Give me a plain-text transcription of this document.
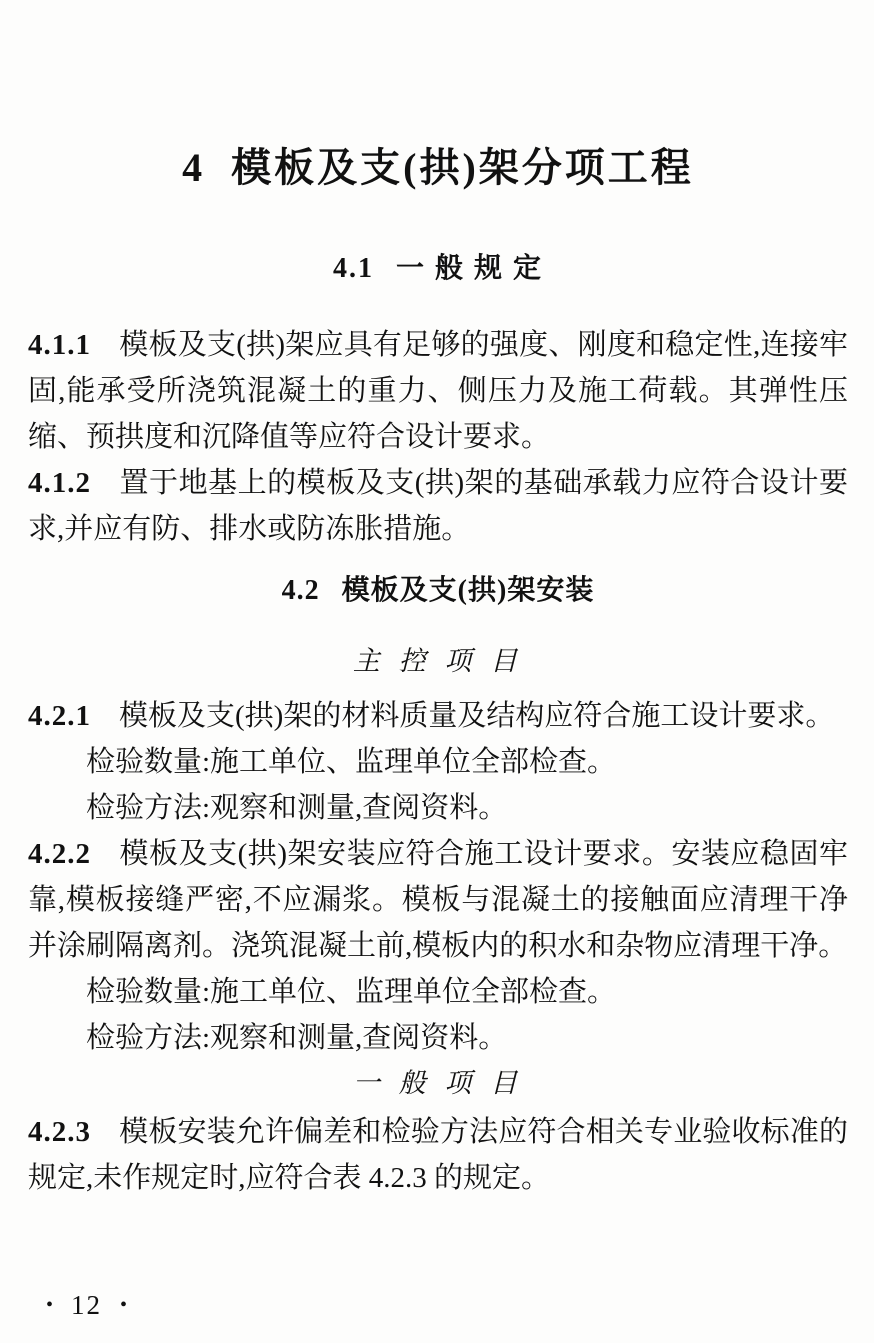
4 模板及支(拱)架分项工程
4.1 一 般 规 定

4.1.1 模板及支(拱)架应具有足够的强度、刚度和稳定性,连接牢固,能承受所浇筑混凝土的重力、侧压力及施工荷载。其弹性压缩、预拱度和沉降值等应符合设计要求。

4.1.2 置于地基上的模板及支(拱)架的基础承载力应符合设计要求,并应有防、排水或防冻胀措施。

4.2 模板及支(拱)架安装
主 控 项 目

4.2.1 模板及支(拱)架的材料质量及结构应符合施工设计要求。

检验数量:施工单位、监理单位全部检查。

检验方法:观察和测量,查阅资料。

4.2.2 模板及支(拱)架安装应符合施工设计要求。安装应稳固牢靠,模板接缝严密,不应漏浆。模板与混凝土的接触面应清理干净并涂刷隔离剂。浇筑混凝土前,模板内的积水和杂物应清理干净。

检验数量:施工单位、监理单位全部检查。

检验方法:观察和测量,查阅资料。

一 般 项 目

4.2.3 模板安装允许偏差和检验方法应符合相关专业验收标准的规定,未作规定时,应符合表 4.2.3 的规定。

• 12 •
